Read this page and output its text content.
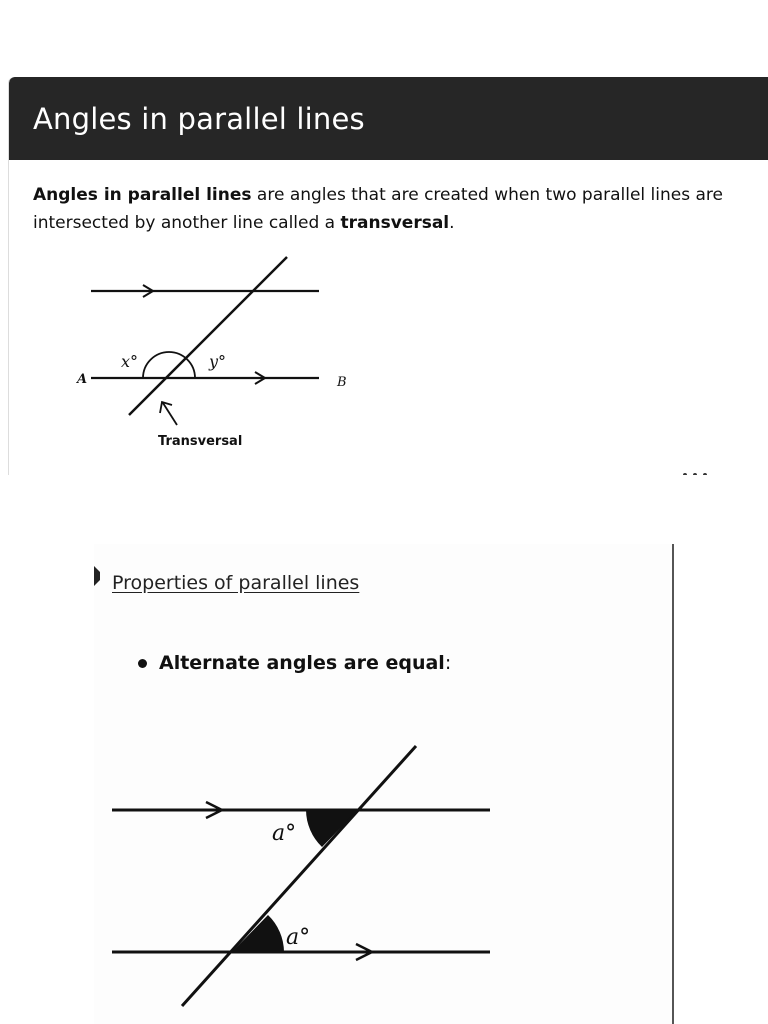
Angles in parallel lines
Angles in parallel lines are angles that are created when two parallel lines are intersected by another line called a transversal.
x°	y°
A	B
Transversal
Properties of parallel lines
Alternate angles are equal :
a°
a°
